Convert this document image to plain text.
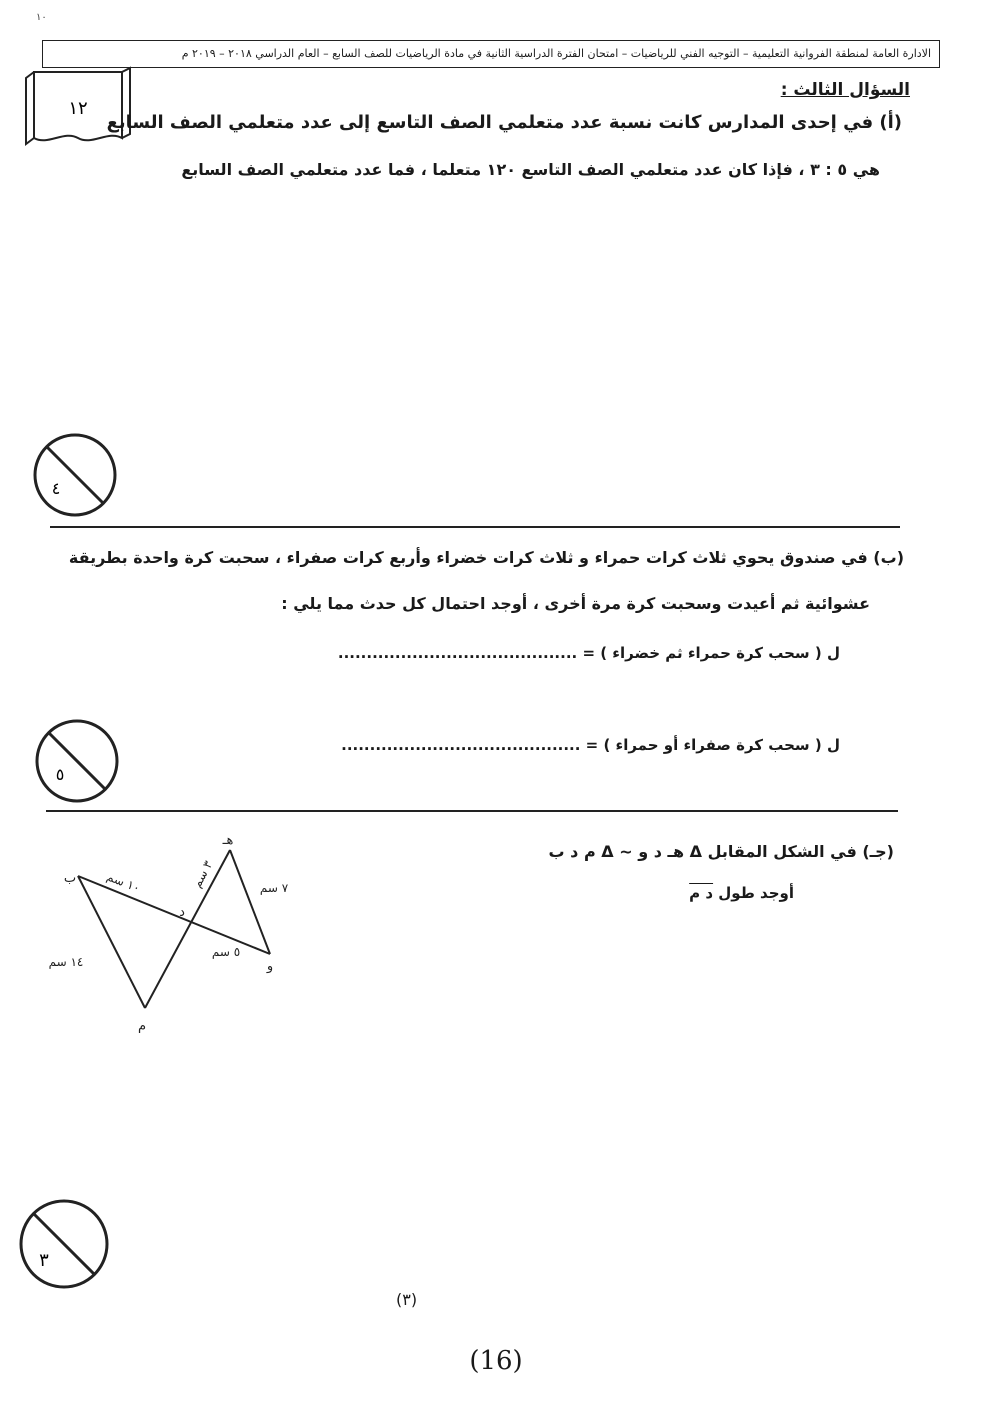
١٠
الادارة العامة لمنطقة الفروانية التعليمية – التوجيه الفني للرياضيات – امتحان الفترة الدراسية الثانية في مادة الرياضيات للصف السابع – العام الدراسي ٢٠١٨ – ٢٠١٩ م
١٢
السؤال الثالث :
(أ) في إحدى المدارس كانت نسبة عدد متعلمي الصف التاسع إلى عدد متعلمي الصف السابع
هي ٥ : ٣ ، فإذا كان عدد متعلمي الصف التاسع ١٢٠ متعلما ، فما عدد متعلمي الصف السابع
٤
(ب) في صندوق يحوي ثلاث كرات حمراء و ثلاث كرات خضراء وأربع كرات صفراء ، سحبت كرة واحدة بطريقة
عشوائية ثم أعيدت وسحبت كرة مرة أخرى ، أوجد احتمال كل حدث مما يلي :
ل ( سحب كرة حمراء ثم خضراء ) = ..........................................
ل ( سحب كرة صفراء أو حمراء ) = ..........................................
٥
(جـ) في الشكل المقابل Δ هـ د و ~ Δ م د ب
أوجد طول د م
هـ
ب
د
و
م
١٠ سم	٣ سم
٧ سم
٥ سم
١٤ سم
٣
(٣)
(16)
